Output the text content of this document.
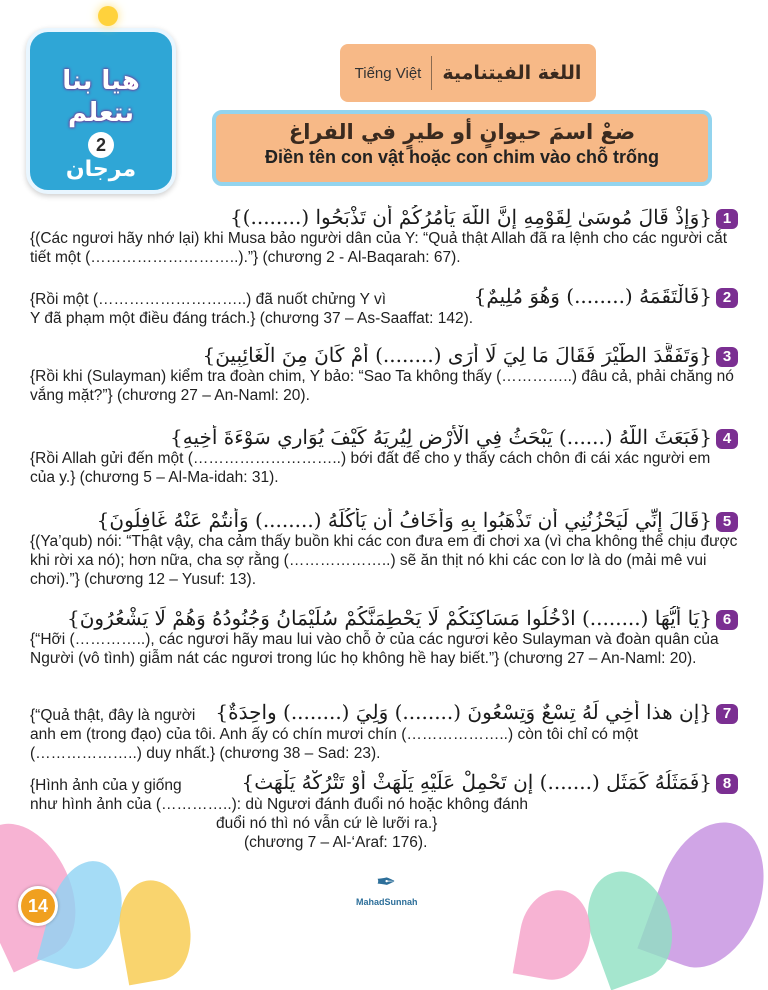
هيا بنا
نتعلم
2
مرجان
Tiếng Việt اللغة الفيتنامية
ضعْ اسمَ حيوانٍ أو طيرٍ في الفراغ
Điền tên con vật hoặc con chim vào chỗ trống
1{وَإِذْ قَالَ مُوسَىٰ لِقَوْمِهِ إِنَّ اللَّهَ يَأْمُرُكُمْ أَن تَذْبَحُوا (........)}
{(Các ngươi hãy nhớ lại) khi Musa bảo người dân của Y: “Quả thật Allah đã ra lệnh cho các người cắt tiết một (………………………..).”} (chương 2 - Al-Baqarah: 67).
{Rồi một (………………………..) đã nuốt chửng Y vì	2{فَالْتَقَمَهُ (........) وَهُوَ مُلِيمٌ}
Y đã phạm một điều đáng trách.} (chương 37 – As-Saaffat: 142).
3{وَتَفَقَّدَ الطَّيْرَ فَقَالَ مَا لِيَ لَا أَرَى (........) أَمْ كَانَ مِنَ الْغَائِبِينَ}
{Rồi khi (Sulayman) kiểm tra đoàn chim, Y bảo: “Sao Ta không thấy (…………..) đâu cả, phải chăng nó vắng mặt?”} (chương 27 – An-Naml: 20).
4{فَبَعَثَ اللَّهُ (......) يَبْحَثُ فِي الْأَرْضِ لِيُرِيَهُ كَيْفَ يُوَارِي سَوْءَةَ أَخِيهِ}
{Rồi Allah gửi đến một (………………………..) bới đất để cho y thấy cách chôn đi cái xác người em của y.} (chương 5 – Al-Ma-idah: 31).
5{قَالَ إِنِّي لَيَحْزُنُنِي أَن تَذْهَبُوا بِهِ وَأَخَافُ أَن يَأْكُلَهُ (........) وَأَنتُمْ عَنْهُ غَافِلُونَ}
{(Ya’qub) nói: “Thật vậy, cha cảm thấy buồn khi các con đưa em đi chơi xa (vì cha không thể chịu được khi rời xa nó); hơn nữa, cha sợ rằng (………………..) sẽ ăn thịt nó khi các con lơ là do (mải mê vui chơi).”} (chương 12 – Yusuf: 13).
6{يَا أَيُّهَا (........) ادْخُلُوا مَسَاكِنَكُمْ لَا يَحْطِمَنَّكُمْ سُلَيْمَانُ وَجُنُودُهُ وَهُمْ لَا يَشْعُرُونَ}
{“Hỡi (…………..), các ngươi hãy mau lui vào chỗ ở của các ngươi kẻo Sulayman và đoàn quân của Người (vô tình) giẫm nát các ngươi trong lúc họ không hề hay biết.”} (chương 27 – An-Naml: 20).
{“Quả thật, đây là người	7{إِن هذا أَخِي لَهُ تِسْعٌ وَتِسْعُونَ (........) وَلِيَ (........) واحِدَةٌ}
anh em (trong đạo) của tôi. Anh ấy có chín mươi chín (………………..) còn tôi chỉ có một (………………..) duy nhất.} (chương 38 – Sad: 23).
{Hình ảnh của y giống	8{فَمَثَلُهُ كَمَثَلِ (.......) إِن تَحْمِلْ عَلَيْهِ يَلْهَثْ أَوْ تَتْرُكْهُ يَلْهَث}
như hình ảnh của (…………..): dù Ngươi đánh đuổi nó hoặc không đánh
đuổi nó thì nó vẫn cứ lè lưỡi ra.}
(chương 7 – Al-‘Araf: 176).
14
✒
MahadSunnah
